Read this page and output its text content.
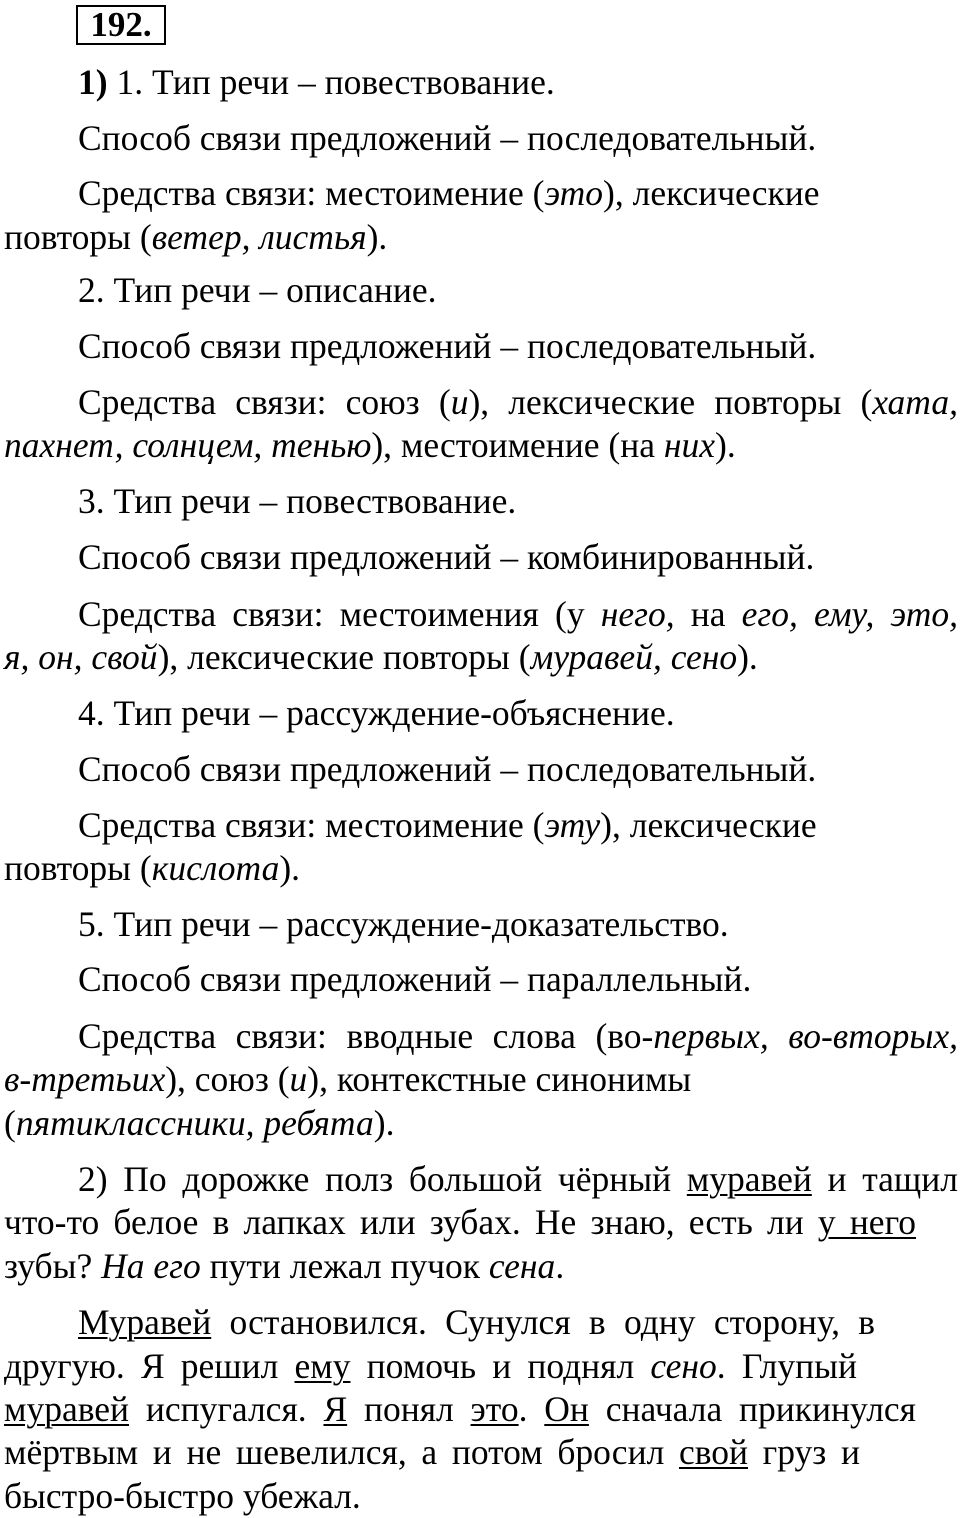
192.
1) 1. Тип речи – повествование.
Способ связи предложений – последовательный.
Средства связи: местоимение (это), лексические
повторы (ветер, листья).
2. Тип речи – описание.
Способ связи предложений – последовательный.
Средства связи: союз (и), лексические повторы (хата,
пахнет, солнцем, тенью), местоимение (на них).
3. Тип речи – повествование.
Способ связи предложений – комбинированный.
Средства связи: местоимения (у него, на его, ему, это,
я, он, свой), лексические повторы (муравей, сено).
4. Тип речи – рассуждение-объяснение.
Способ связи предложений – последовательный.
Средства связи: местоимение (эту), лексические
повторы (кислота).
5. Тип речи – рассуждение-доказательство.
Способ связи предложений – параллельный.
Средства связи: вводные слова (во-первых, во-вторых,
в-третьих), союз (и), контекстные синонимы
(пятиклассники, ребята).
2) По дорожке полз большой чёрный муравей и тащил
что-то белое в лапках или зубах. Не знаю, есть ли у него
зубы? На его пути лежал пучок сена.
Муравей остановился. Сунулся в одну сторону, в
другую. Я решил ему помочь и поднял сено. Глупый
муравей испугался. Я понял это. Он сначала прикинулся
мёртвым и не шевелился, а потом бросил свой груз и
быстро-быстро убежал.
